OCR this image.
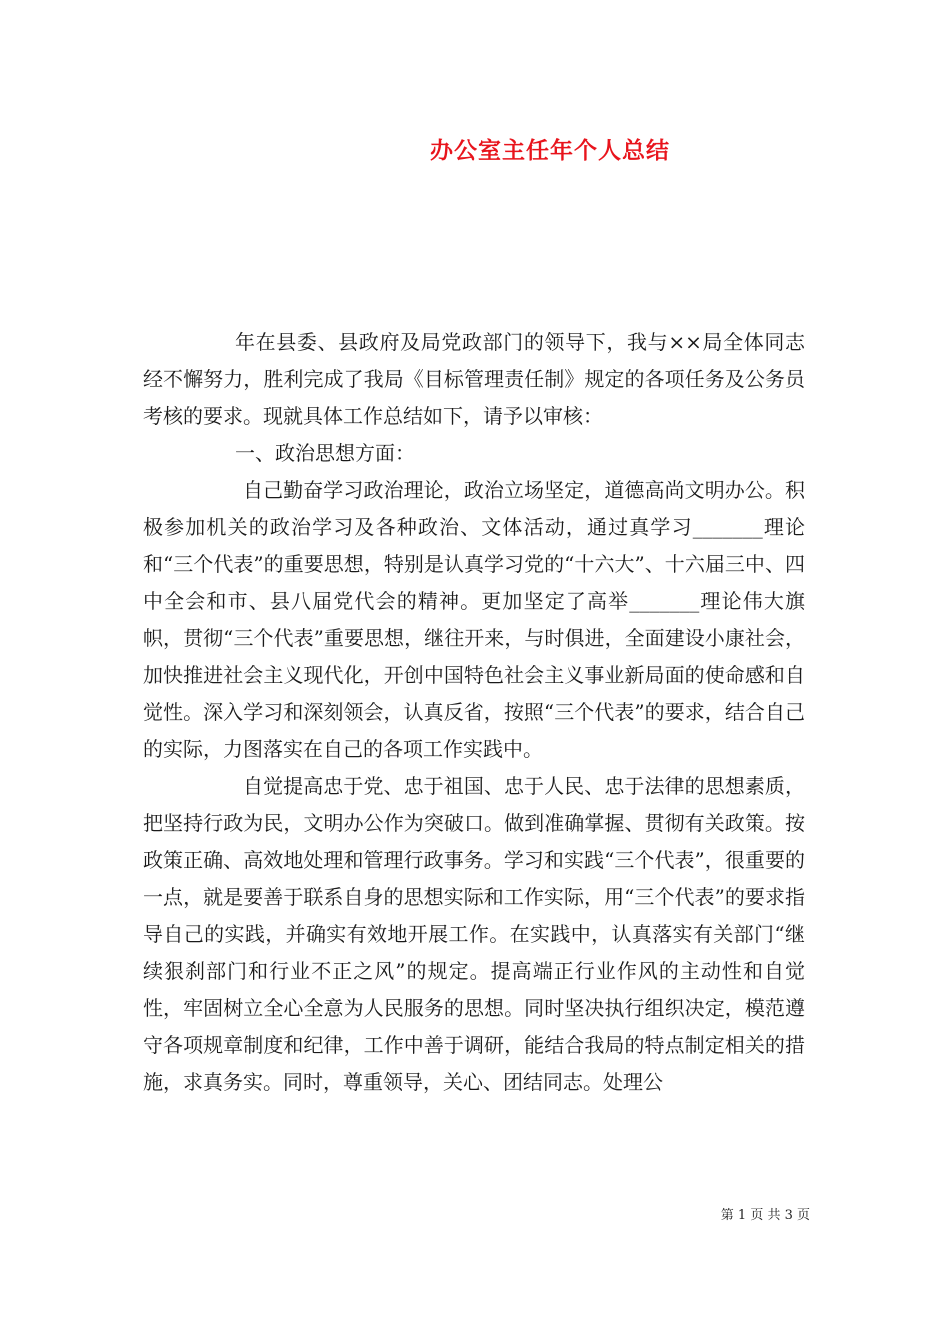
办公室主任年个人总结

年在县委、县政府及局党政部门的领导下，我与××局全体同志经不懈努力，胜利完成了我局《目标管理责任制》规定的各项任务及公务员考核的要求。现就具体工作总结如下，请予以审核：

一、政治思想方面：

自己勤奋学习政治理论，政治立场坚定，道德高尚文明办公。积极参加机关的政治学习及各种政治、文体活动，通过真学习_______理论和“三个代表”的重要思想，特别是认真学习党的“十六大”、十六届三中、四中全会和市、县八届党代会的精神。更加坚定了高举_______理论伟大旗帜，贯彻“三个代表”重要思想，继往开来，与时俱进，全面建设小康社会，加快推进社会主义现代化，开创中国特色社会主义事业新局面的使命感和自觉性。深入学习和深刻领会，认真反省，按照“三个代表”的要求，结合自己的实际，力图落实在自己的各项工作实践中。

自觉提高忠于党、忠于祖国、忠于人民、忠于法律的思想素质，把坚持行政为民，文明办公作为突破口。做到准确掌握、贯彻有关政策。按政策正确、高效地处理和管理行政事务。学习和实践“三个代表”，很重要的一点，就是要善于联系自身的思想实际和工作实际，用“三个代表”的要求指导自己的实践，并确实有效地开展工作。在实践中，认真落实有关部门“继续狠刹部门和行业不正之风”的规定。提高端正行业作风的主动性和自觉性，牢固树立全心全意为人民服务的思想。同时坚决执行组织决定，模范遵守各项规章制度和纪律，工作中善于调研，能结合我局的特点制定相关的措施，求真务实。同时，尊重领导，关心、团结同志。处理公

第 1 页 共 3 页
